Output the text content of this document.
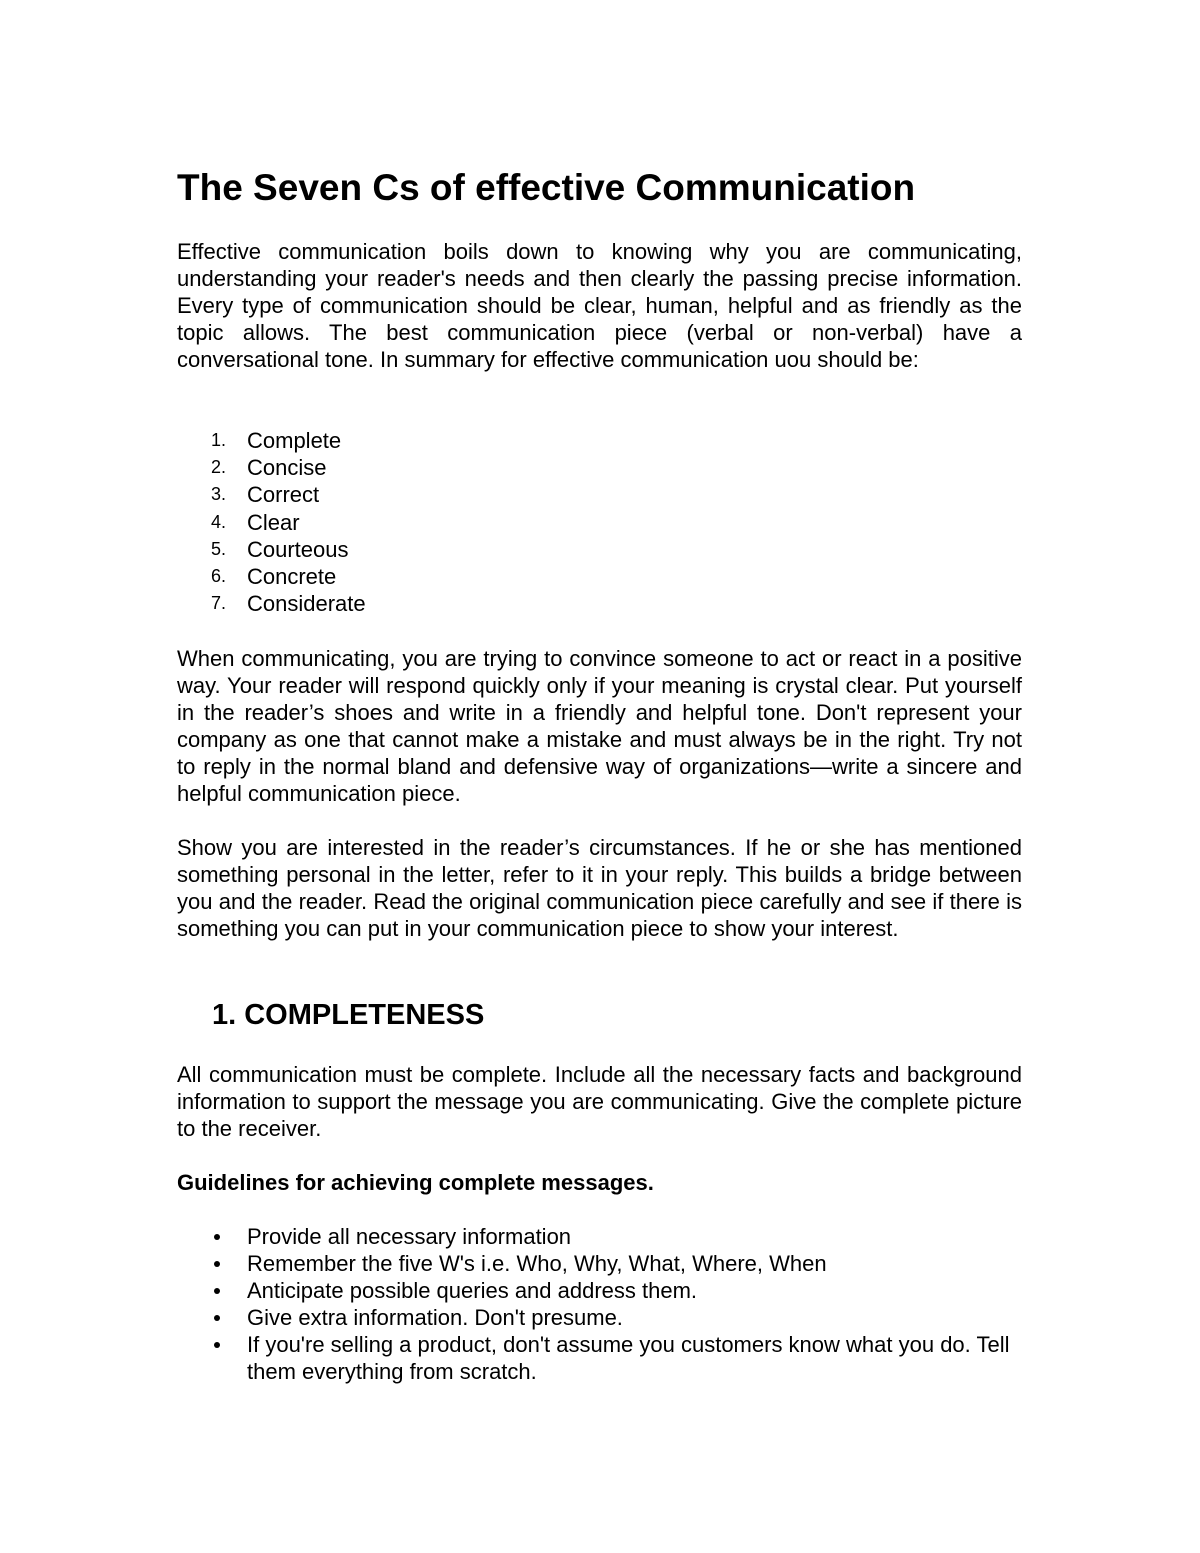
The Seven Cs of effective Communication

Effective communication boils down to knowing why you are communicating, understanding your reader's needs and then clearly the passing precise information. Every type of communication should be clear, human, helpful and as friendly as the topic allows. The best communication piece (verbal or non-verbal) have a conversational tone. In summary for effective communication uou should be:

1. Complete
2. Concise
3. Correct
4. Clear
5. Courteous
6. Concrete
7. Considerate

When communicating, you are trying to convince someone to act or react in a positive way. Your reader will respond quickly only if your meaning is crystal clear. Put yourself in the reader’s shoes and write in a friendly and helpful tone. Don't represent your company as one that cannot make a mistake and must always be in the right. Try not to reply in the normal bland and defensive way of organizations—write a sincere and helpful communication piece.

Show you are interested in the reader’s circumstances. If he or she has mentioned something personal in the letter, refer to it in your reply. This builds a bridge between you and the reader. Read the original communication piece carefully and see if there is something you can put in your communication piece to show your interest.

1. COMPLETENESS

All communication must be complete. Include all the necessary facts and background information to support the message you are communicating. Give the complete picture to the receiver.

Guidelines for achieving complete messages.

Provide all necessary information
Remember the five W's i.e. Who, Why, What, Where, When
Anticipate possible queries and address them.
Give extra information. Don't presume.
If you're selling a product, don't assume you customers know what you do. Tell them everything from scratch.
